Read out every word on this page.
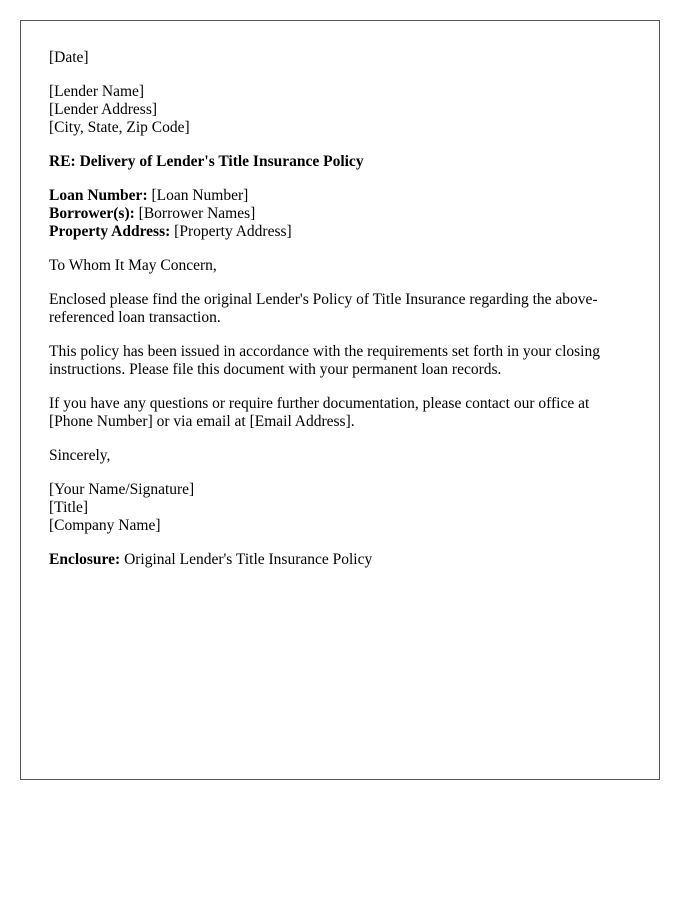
[Date]
[Lender Name]
[Lender Address]
[City, State, Zip Code]
RE: Delivery of Lender's Title Insurance Policy
Loan Number: [Loan Number]
Borrower(s): [Borrower Names]
Property Address: [Property Address]
To Whom It May Concern,

Enclosed please find the original Lender's Policy of Title Insurance regarding the above-referenced loan transaction.

This policy has been issued in accordance with the requirements set forth in your closing instructions. Please file this document with your permanent loan records.

If you have any questions or require further documentation, please contact our office at [Phone Number] or via email at [Email Address].

Sincerely,
[Your Name/Signature]
[Title]
[Company Name]
Enclosure: Original Lender's Title Insurance Policy
